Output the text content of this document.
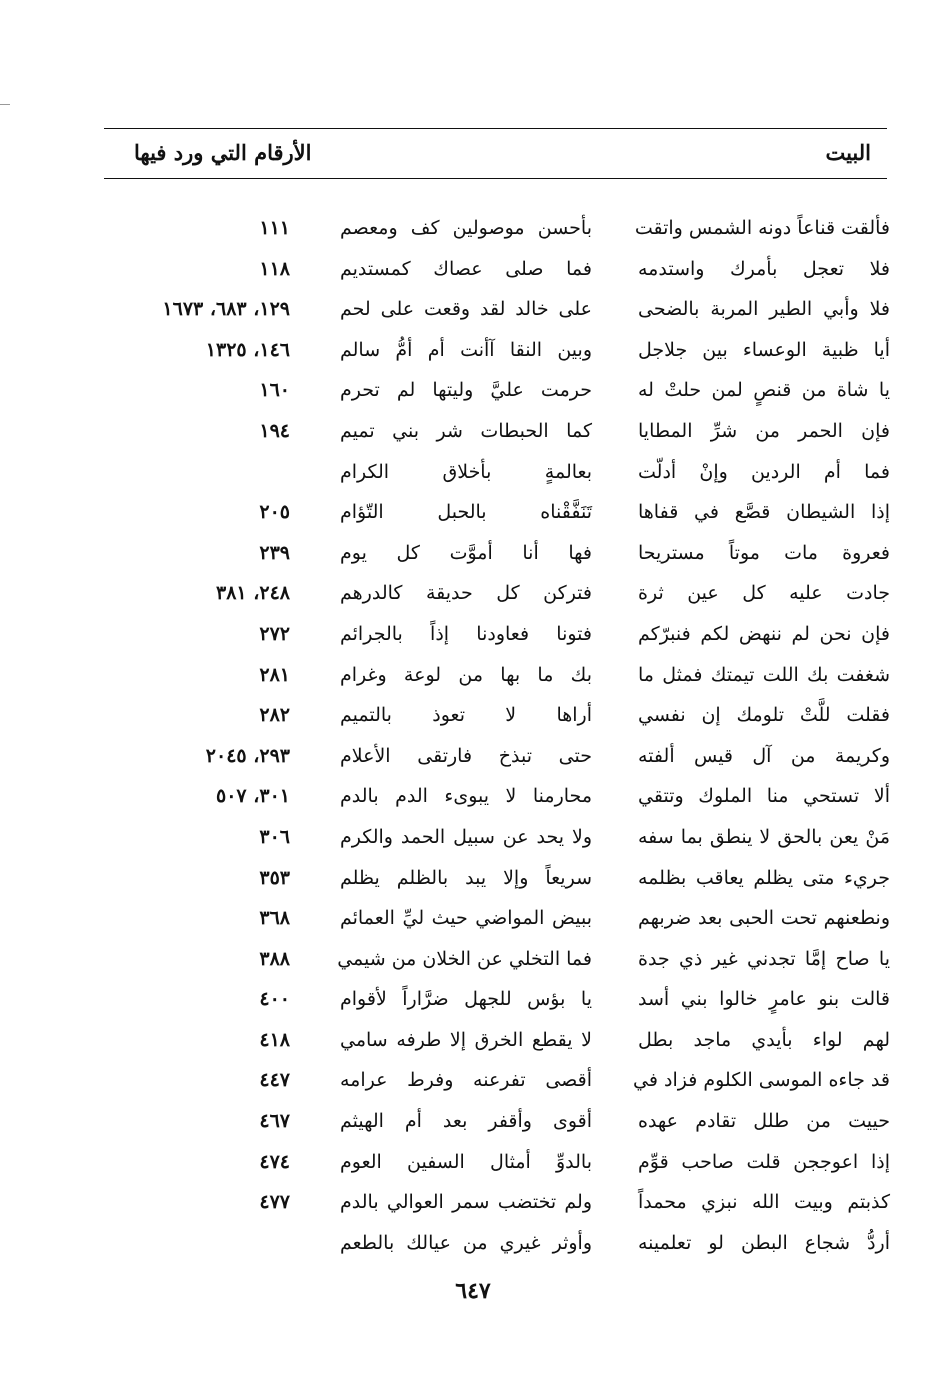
البيت
الأرقام التي ورد فيها
فألقت قناعاً دونه الشمس واتقت
بأحسن موصولين كف ومعصم
١١١
فلا تعجل بأمرك واستدمه
فما صلى عصاك كمستديم
١١٨
فلا وأبي الطير المربة بالضحى
على خالد لقد وقعت على لحم
١٢٩، ٦٨٣، ١٦٧٣
أيا ظبية الوعساء بين جلاجل
وبين النقا آأنت أم أمُّ سالم
١٤٦، ١٣٢٥
يا شاة من قنصٍ لمن حلتْ له
حرمت عليَّ وليتها لم تحرم
١٦٠
فإن الحمر من شرِّ المطايا
كما الحبطات شر بني تميم
١٩٤
فما أم الردين وإنْ أدلّت
بعالمةٍ بأخلاق الكرام
إذا الشيطان قصَّع في قفاها
تَنَفَّقْناه بالحبل التّؤام
٢٠٥
فعروة مات موتاً مستريحا
فها أنا أموَّت كل يوم
٢٣٩
جادت عليه كل عين ثرة
فتركن كل حديقة كالدرهم
٢٤٨، ٣٨١
فإن نحن لم ننهض لكم فنبرّكم
فتونا فعاودنا إذاً بالجرائم
٢٧٢
شغفت بك اللت تيمتك فمثل ما
بك ما بها من لوعة وغرام
٢٨١
فقلت للَّتْ تلومك إن نفسي
أراها لا تعوذ بالتميم
٢٨٢
وكريمة من آل قيس ألفته
حتى تبذخ فارتقى الأعلام
٢٩٣، ٢٠٤٥
ألا تستحي منا الملوك وتتقي
محارمنا لا يبوىء الدم بالدم
٣٠١، ٥٠٧
مَنْ يعن بالحق لا ينطق بما سفه
ولا يحد عن سبيل الحمد والكرم
٣٠٦
جريء متى يظلم يعاقب بظلمه
سريعاً وإلا يبد بالظلم يظلم
٣٥٣
ونطعنهم تحت الحبى بعد ضربهم
ببيض المواضي حيث ليِّ العمائم
٣٦٨
يا صاح إمَّا تجدني غير ذي جدة
فما التخلي عن الخلان من شيمي
٣٨٨
قالت بنو عامرٍ خالوا بني أسد
يا بؤس للجهل ضرَّاراً لأقوام
٤٠٠
لهم لواء بأيدي ماجد بطل
لا يقطع الخرق إلا طرفه سامي
٤١٨
قد جاءه الموسى الكلوم فزاد في
أقصى تفرعنه وفرط عرامه
٤٤٧
حييت من طلل تقادم عهده
أقوى وأقفر بعد أم الهيثم
٤٦٧
إذا اعوججن قلت صاحب قوِّم
بالدوِّ أمثال السفين العوم
٤٧٤
كذبتم وبيت الله نبزي محمداً
ولم تختضب سمر العوالي بالدم
٤٧٧
أردُّ شجاع البطن لو تعلمينه
وأوثر غيري من عيالك بالطعم
٦٤٧
